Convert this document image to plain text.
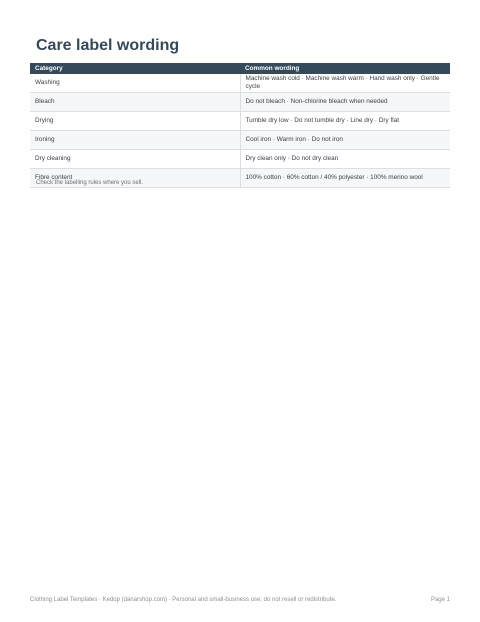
Care label wording
Category	Common wording
Washing	Machine wash cold · Machine wash warm · Hand wash only · Gentle cycle
Bleach	Do not bleach · Non-chlorine bleach when needed
Drying	Tumble dry low · Do not tumble dry · Line dry · Dry flat
Ironing	Cool iron · Warm iron · Do not iron
Dry cleaning	Dry clean only · Do not dry clean
Fibre content	100% cotton · 60% cotton / 40% polyester · 100% merino wool
Check the labelling rules where you sell.
Clothing Label Templates · Kedop (danarshop.com) · Personal and small-business use; do not resell or redistribute.	Page 1
